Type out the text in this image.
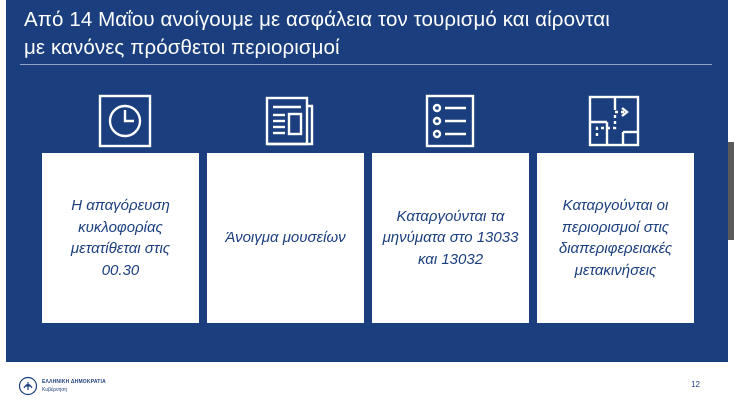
Από 14 Μαΐου ανοίγουμε με ασφάλεια τον τουρισμό και αίρονται
με κανόνες πρόσθετοι περιορισμοί
Η απαγόρευση κυκλοφορίας μετατίθεται στις 00.30
Άνοιγμα μουσείων
Καταργούνται τα μηνύματα στο 13033 και 13032
Καταργούνται οι περιορισμοί στις διαπεριφερειακές μετακινήσεις
ΕΛΛΗΝΙΚΗ ΔΗΜΟΚΡΑΤΙΑ
Κυβέρνηση
12
